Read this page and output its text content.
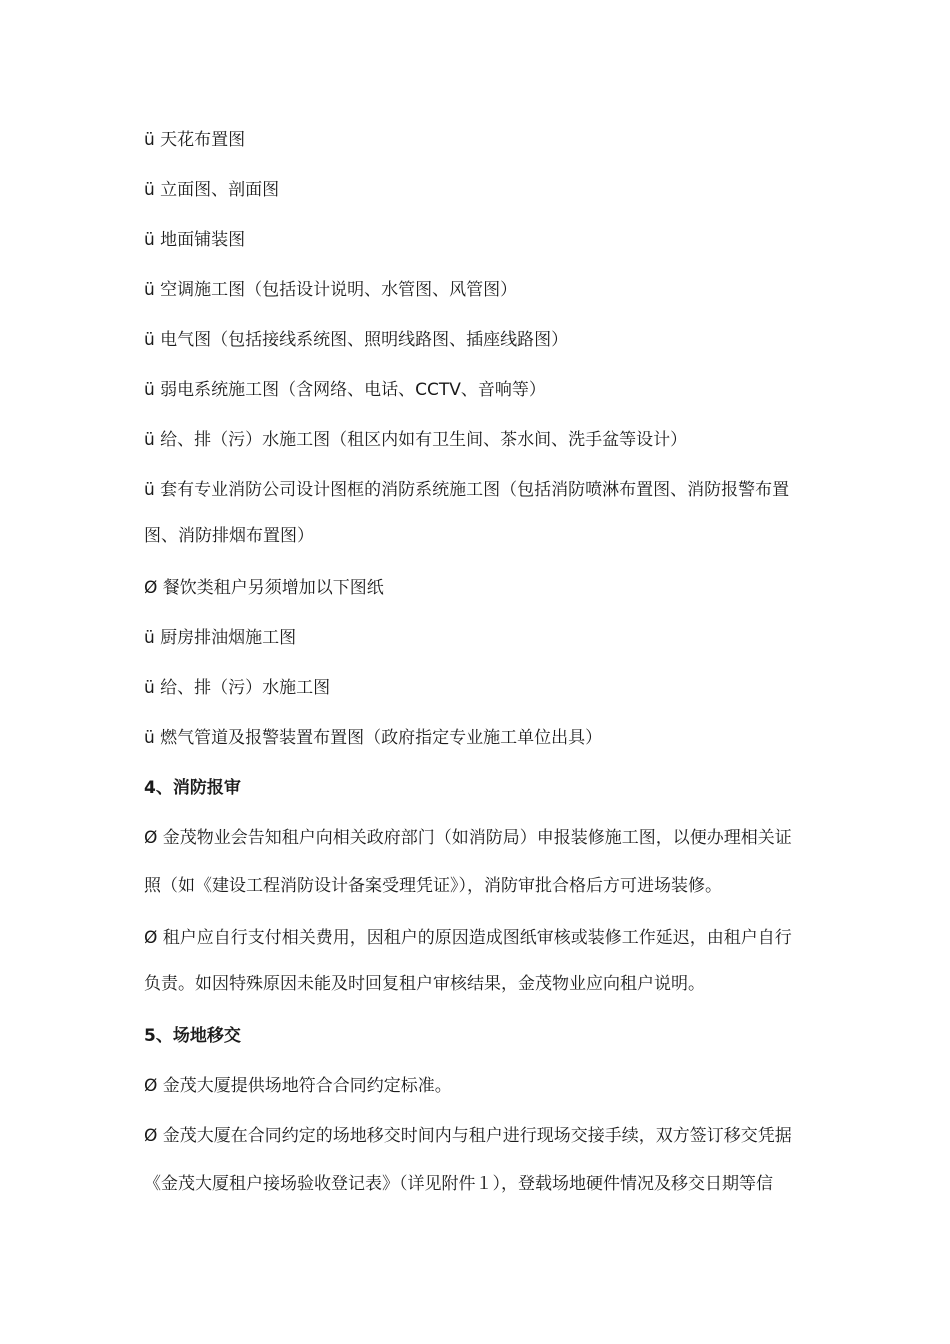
ü 天花布置图
ü 立面图、剖面图
ü 地面铺装图
ü 空调施工图（包括设计说明、水管图、风管图）
ü 电气图（包括接线系统图、照明线路图、插座线路图）
ü 弱电系统施工图（含网络、电话、CCTV、音响等）
ü 给、排（污）水施工图（租区内如有卫生间、茶水间、洗手盆等设计）
ü 套有专业消防公司设计图框的消防系统施工图（包括消防喷淋布置图、消防报警布置
图、消防排烟布置图）
Ø 餐饮类租户另须增加以下图纸
ü 厨房排油烟施工图
ü 给、排（污）水施工图
ü 燃气管道及报警装置布置图（政府指定专业施工单位出具）
4、消防报审
Ø 金茂物业会告知租户向相关政府部门（如消防局）申报装修施工图，以便办理相关证
照（如《建设工程消防设计备案受理凭证》），消防审批合格后方可进场装修。
Ø 租户应自行支付相关费用，因租户的原因造成图纸审核或装修工作延迟，由租户自行
负责。如因特殊原因未能及时回复租户审核结果，金茂物业应向租户说明。
5、场地移交
Ø 金茂大厦提供场地符合合同约定标准。
Ø 金茂大厦在合同约定的场地移交时间内与租户进行现场交接手续，双方签订移交凭据
《金茂大厦租户接场验收登记表》（详见附件１），登载场地硬件情况及移交日期等信
